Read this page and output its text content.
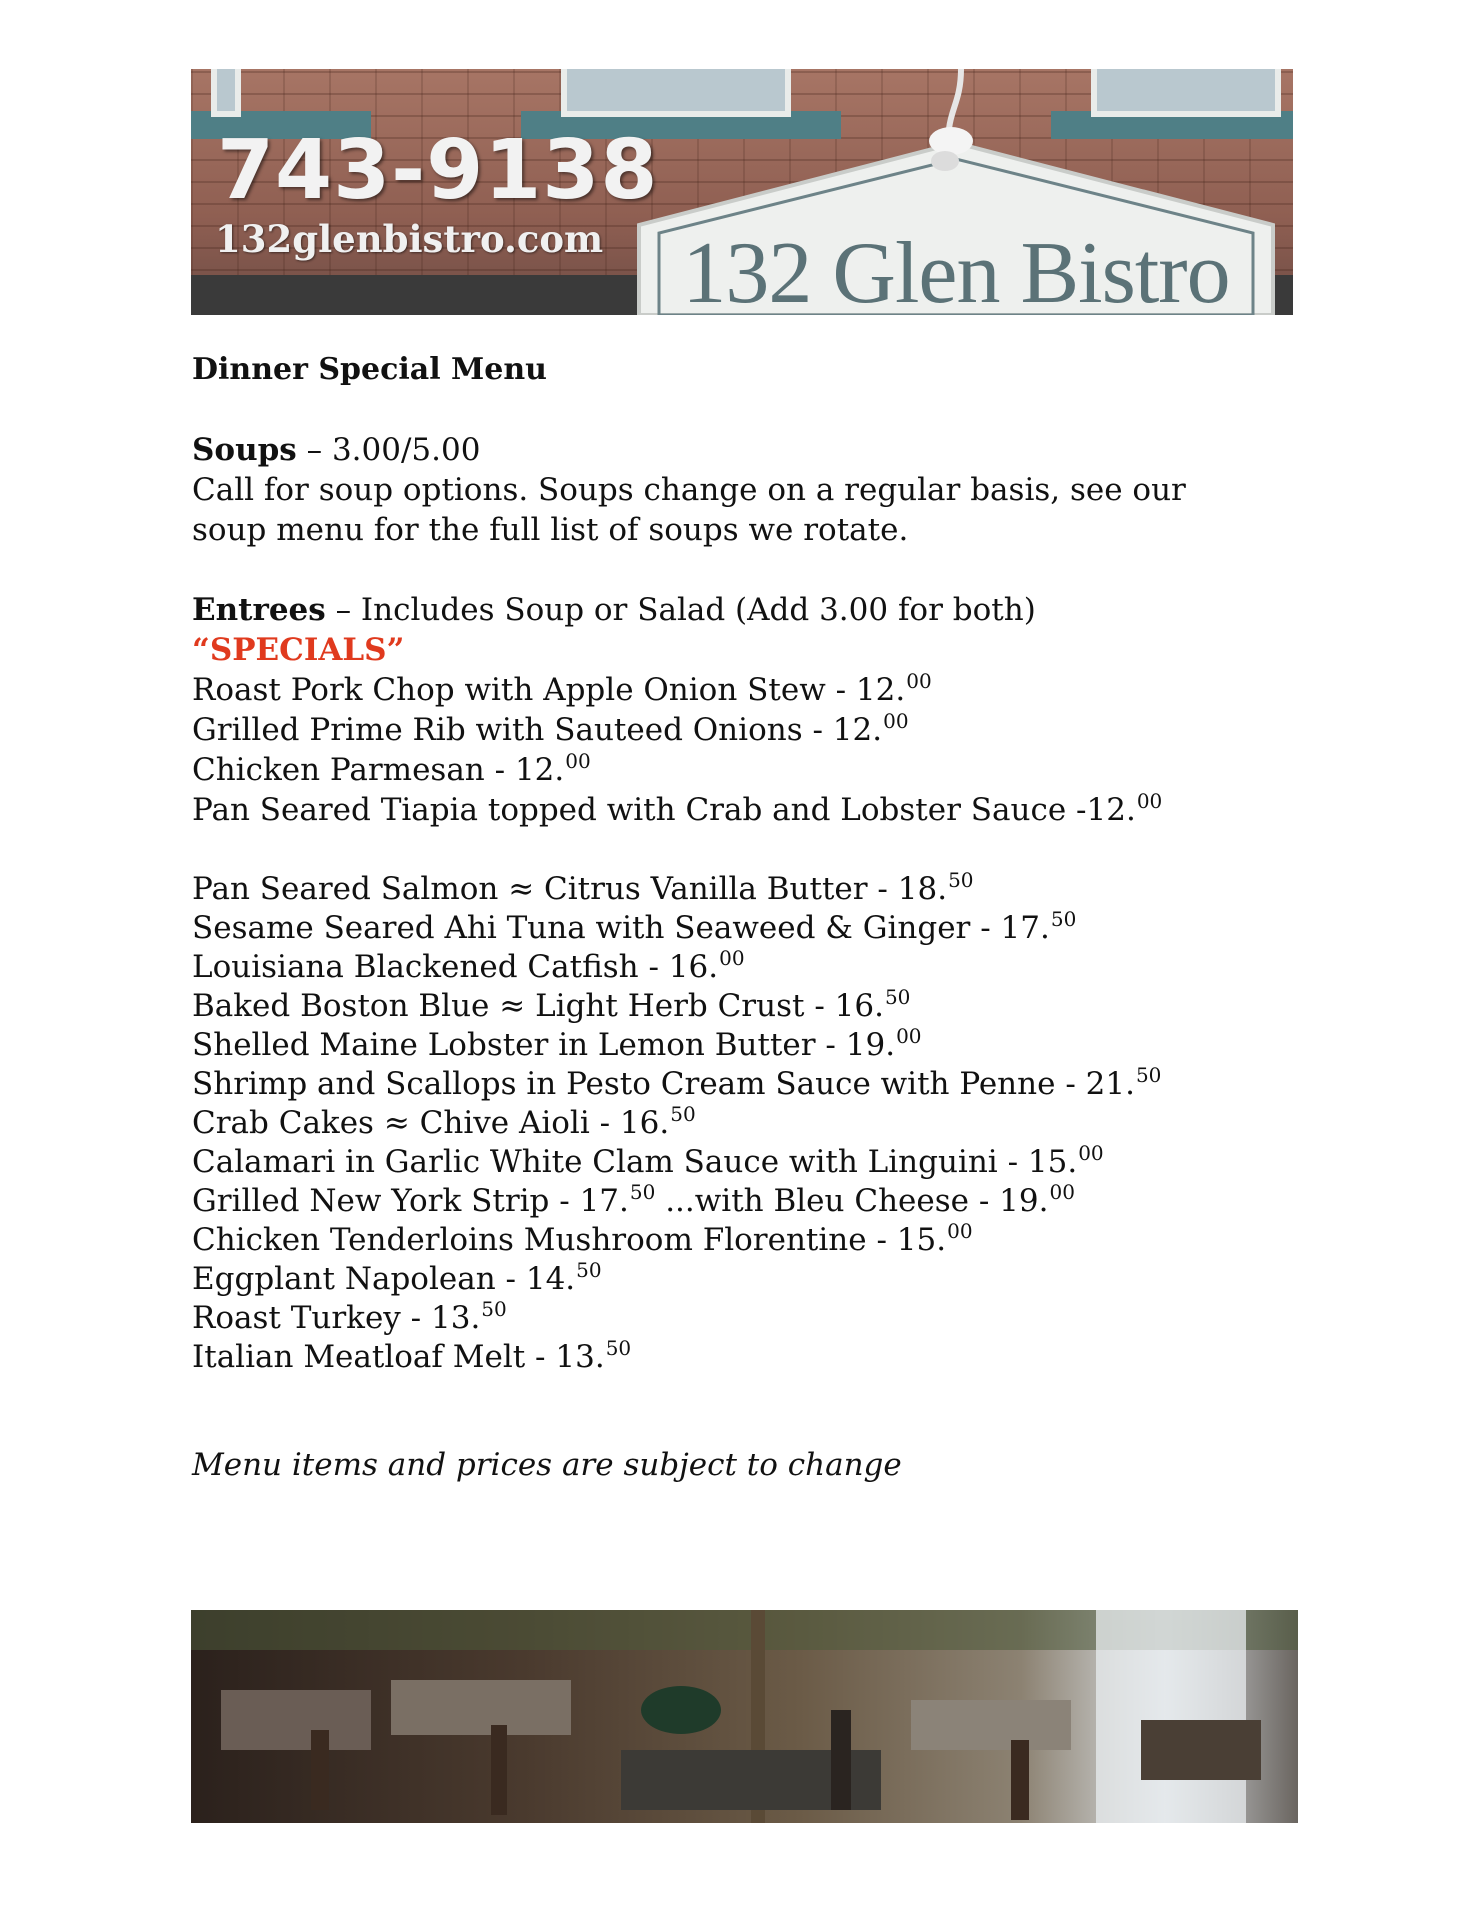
132 Glen Bistro
743-9138
132glenbistro.com
Dinner Special Menu
Soups – 3.00/5.00
Call for soup options. Soups change on a regular basis, see our
soup menu for the full list of soups we rotate.
Entrees – Includes Soup or Salad (Add 3.00 for both)
“SPECIALS”
Roast Pork Chop with Apple Onion Stew - 12.00
Grilled Prime Rib with Sauteed Onions - 12.00
Chicken Parmesan - 12.00
Pan Seared Tiapia topped with Crab and Lobster Sauce -12.00
Pan Seared Salmon ≈ Citrus Vanilla Butter - 18.50
Sesame Seared Ahi Tuna with Seaweed & Ginger - 17.50
Louisiana Blackened Catfish - 16.00
Baked Boston Blue ≈ Light Herb Crust - 16.50
Shelled Maine Lobster in Lemon Butter - 19.00
Shrimp and Scallops in Pesto Cream Sauce with Penne - 21.50
Crab Cakes ≈ Chive Aioli - 16.50
Calamari in Garlic White Clam Sauce with Linguini - 15.00
Grilled New York Strip - 17.50 ...with Bleu Cheese - 19.00
Chicken Tenderloins Mushroom Florentine - 15.00
Eggplant Napolean - 14.50
Roast Turkey - 13.50
Italian Meatloaf Melt - 13.50
Menu items and prices are subject to change
